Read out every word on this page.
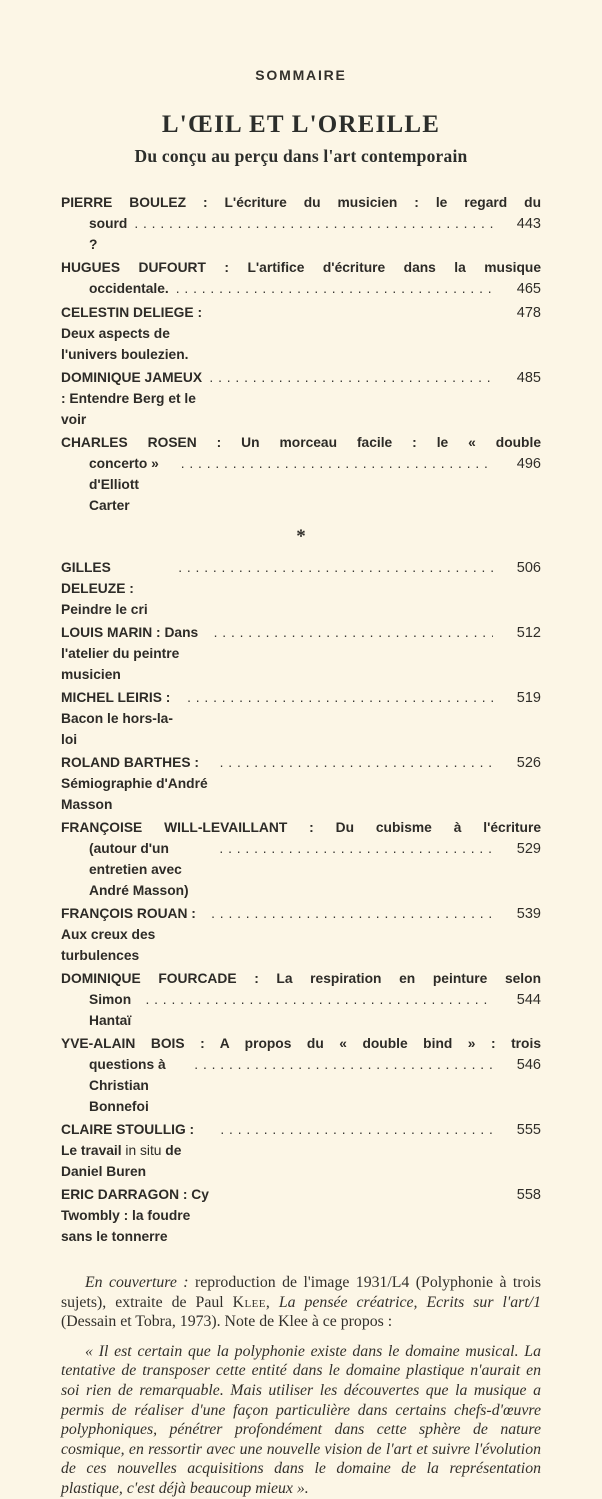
SOMMAIRE
L'ŒIL ET L'OREILLE
Du conçu au perçu dans l'art contemporain
PIERRE BOULEZ : L'écriture du musicien : le regard du
sourd ?
. . .
443
HUGUES DUFOURT : L'artifice d'écriture dans la musique
occidentale. . . .	465
CELESTIN DELIEGE : Deux aspects de l'univers boulezien.
478
DOMINIQUE JAMEUX : Entendre Berg et le voir
. . .
485
CHARLES ROSEN : Un morceau facile : le « double
concerto » d'Elliott Carter
. . .
496
*
GILLES DELEUZE : Peindre le cri
. . .
506
LOUIS MARIN : Dans l'atelier du peintre musicien
. . .
512
MICHEL LEIRIS : Bacon le hors-la-loi
. . .
519
ROLAND BARTHES : Sémiographie d'André Masson
. . .
526
FRANÇOISE WILL-LEVAILLANT : Du cubisme à l'écriture
(autour d'un entretien avec André Masson)
. . .
529
FRANÇOIS ROUAN : Aux creux des turbulences
. . .
539
DOMINIQUE FOURCADE : La respiration en peinture selon
Simon Hantaï
. . .
544
YVE-ALAIN BOIS : A propos du « double bind » : trois
questions à Christian Bonnefoi
. . .
546
CLAIRE STOULLIG : Le travail in situ de Daniel Buren
. . .
555
ERIC DARRAGON : Cy Twombly : la foudre sans le tonnerre
558

En couverture : reproduction de l'image 1931/L4 (Polyphonie à trois sujets), extraite de Paul Klee, La pensée créatrice, Ecrits sur l'art/1 (Dessain et Tobra, 1973). Note de Klee à ce propos :

« Il est certain que la polyphonie existe dans le domaine musical. La tentative de transposer cette entité dans le domaine plastique n'aurait en soi rien de remarquable. Mais utiliser les découvertes que la musique a permis de réaliser d'une façon particulière dans certains chefs-d'œuvre polyphoniques, pénétrer profondément dans cette sphère de nature cosmique, en ressortir avec une nouvelle vision de l'art et suivre l'évolution de ces nouvelles acquisitions dans le domaine de la représentation plastique, c'est déjà beaucoup mieux ».
